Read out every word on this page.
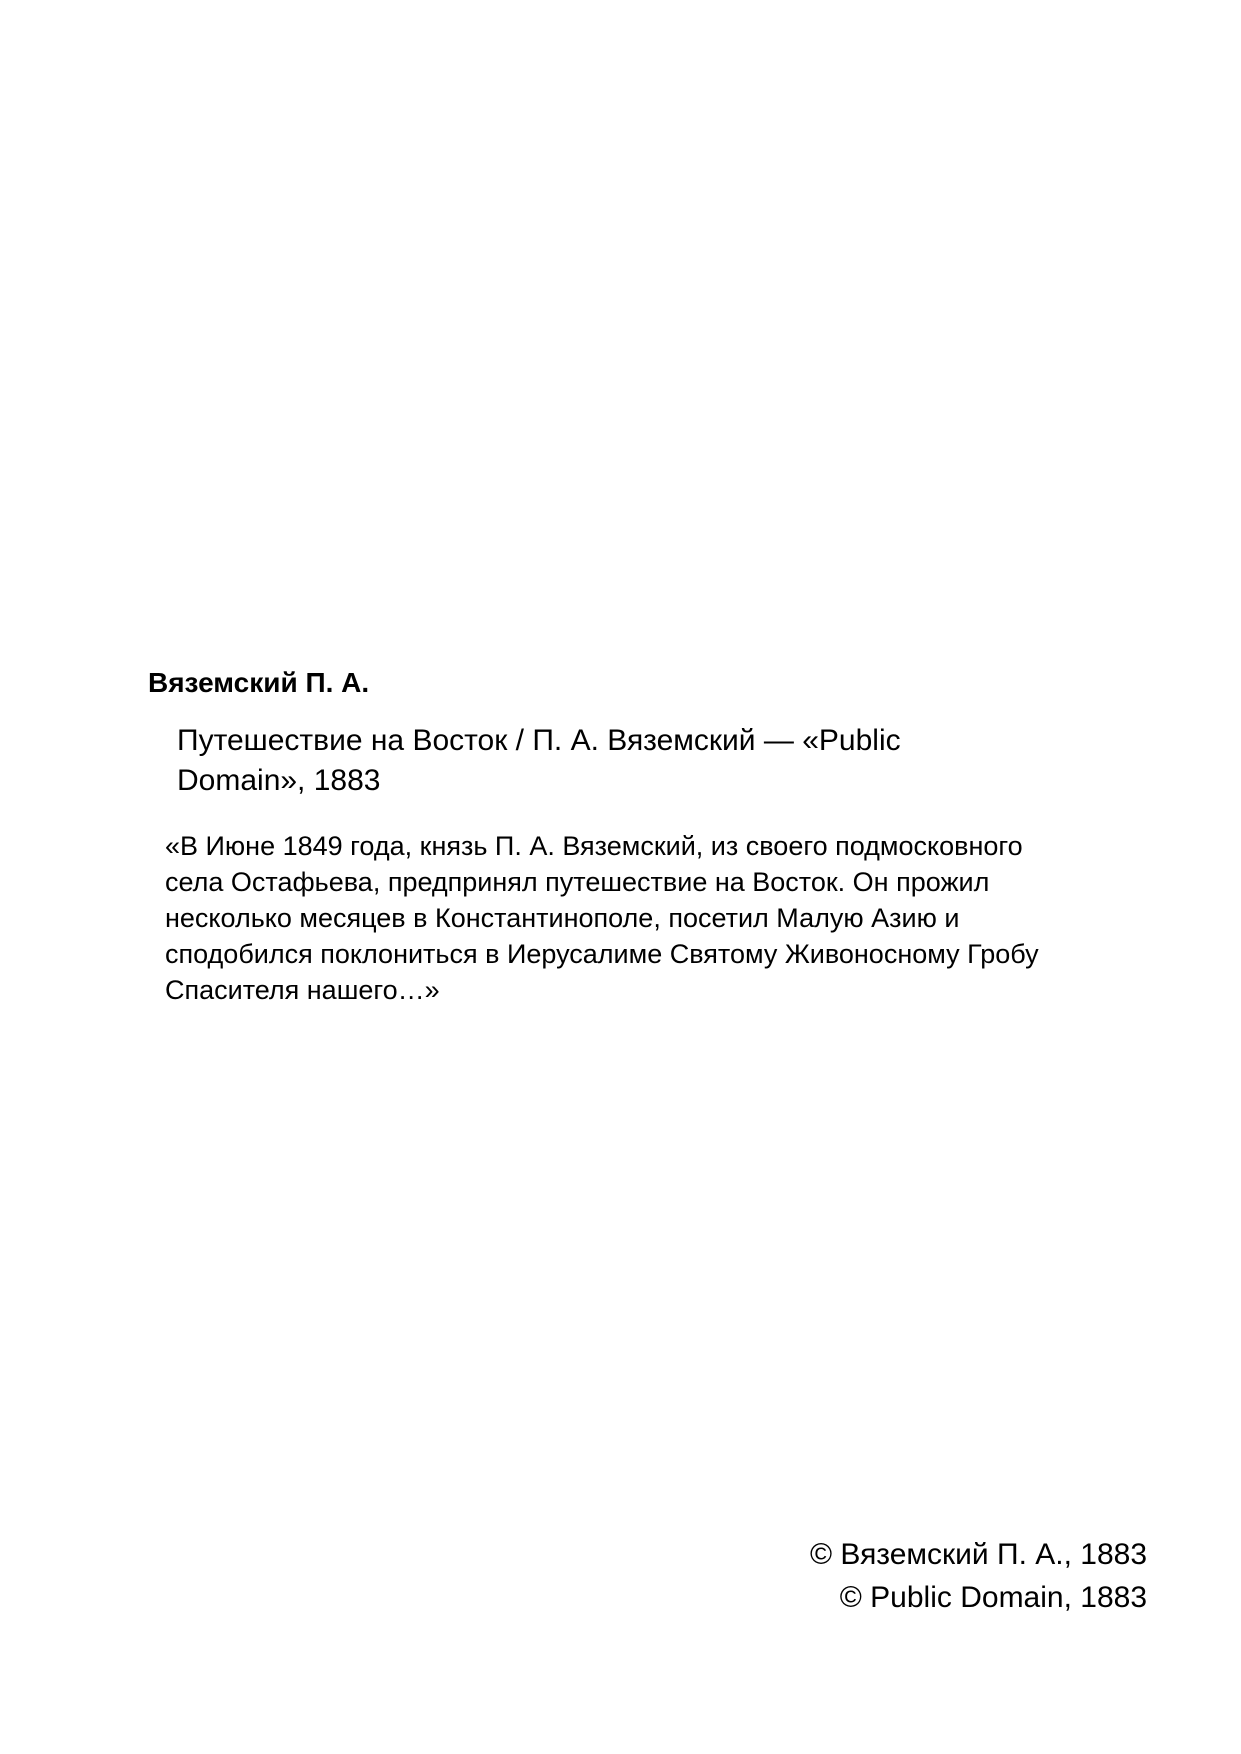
Вяземский П. А.
Путешествие на Восток / П. А. Вяземский — «Public
Domain», 1883
«В Июне 1849 года, князь П. А. Вяземский, из своего подмосковного
села Остафьева, предпринял путешествие на Восток. Он прожил
несколько месяцев в Константинополе, посетил Малую Азию и
сподобился поклониться в Иерусалиме Святому Живоносному Гробу
Спасителя нашего…»
© Вяземский П. А., 1883
© Public Domain, 1883
